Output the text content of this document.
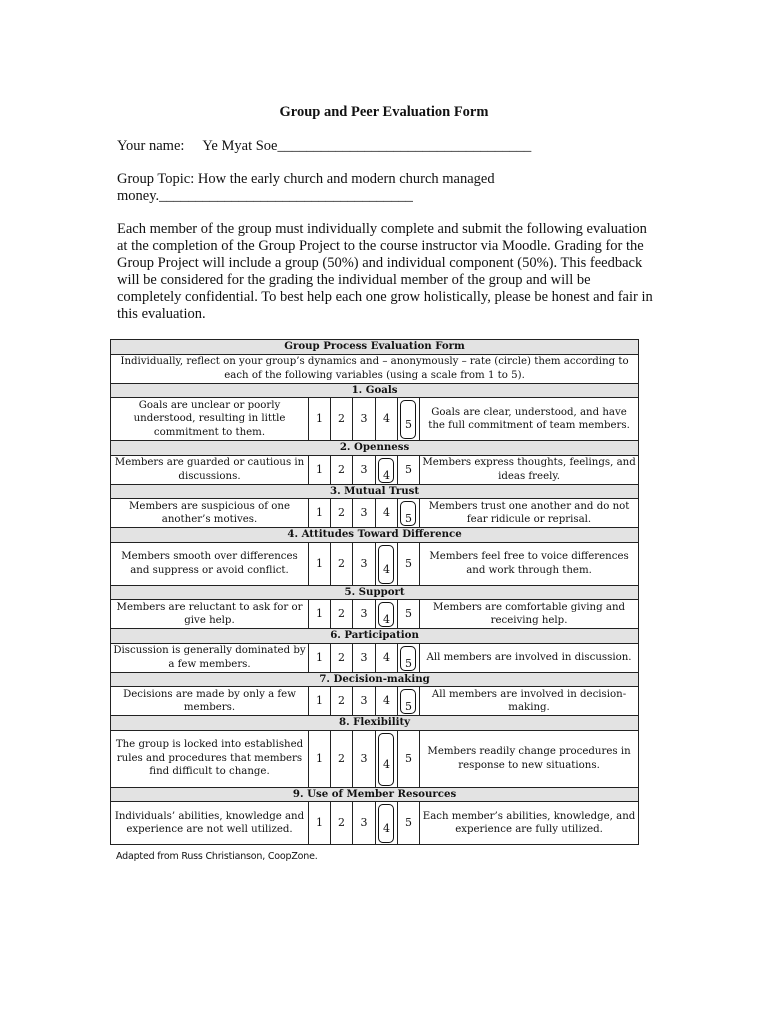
Group and Peer Evaluation Form
Your name: Ye Myat Soe___________________________________
Group Topic: How the early church and modern church managed money.___________________________________
Each member of the group must individually complete and submit the following evaluation at the completion of the Group Project to the course instructor via Moodle. Grading for the Group Project will include a group (50%) and individual component (50%). This feedback will be considered for the grading the individual member of the group and will be completely confidential. To best help each one grow holistically, please be honest and fair in this evaluation.
Group Process Evaluation Form						
Individually, reflect on your group’s dynamics and – anonymously – rate (circle) them according to each of the following variables (using a scale from 1 to 5).						
1. Goals						
Goals are unclear or poorly understood, resulting in little commitment to them.	1	2	3	4	5	Goals are clear, understood, and have the full commitment of team members.
2. Openness						
Members are guarded or cautious in discussions.	1	2	3	4	5	Members express thoughts, feelings, and ideas freely.
3. Mutual Trust						
Members are suspicious of one another’s motives.	1	2	3	4	5	Members trust one another and do not fear ridicule or reprisal.
4. Attitudes Toward Difference						
Members smooth over differences and suppress or avoid conflict.	1	2	3	4	5	Members feel free to voice differences and work through them.
5. Support						
Members are reluctant to ask for or give help.	1	2	3	4	5	Members are comfortable giving and receiving help.
6. Participation						
Discussion is generally dominated by a few members.	1	2	3	4	5	All members are involved in discussion.
7. Decision-making						
Decisions are made by only a few members.	1	2	3	4	5	All members are involved in decision-making.
8. Flexibility						
The group is locked into established rules and procedures that members find difficult to change.	1	2	3	4	5	Members readily change procedures in response to new situations.
9. Use of Member Resources						
Individuals’ abilities, knowledge and experience are not well utilized.	1	2	3	4	5	Each member’s abilities, knowledge, and experience are fully utilized.
Adapted from Russ Christianson, CoopZone.
